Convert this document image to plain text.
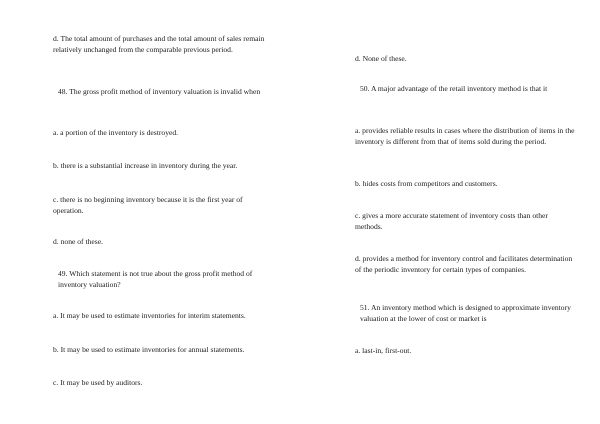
d. The total amount of purchases and the total amount of sales remain relatively unchanged from the comparable previous period.

48. The gross profit method of inventory valuation is invalid when

a. a portion of the inventory is destroyed.

b. there is a substantial increase in inventory during the year.

c. there is no beginning inventory because it is the first year of operation.

d. none of these.

49. Which statement is not true about the gross profit method of inventory valuation?

a. It may be used to estimate inventories for interim statements.

b. It may be used to estimate inventories for annual statements.

c. It may be used by auditors.

d. None of these.

50. A major advantage of the retail inventory method is that it

a. provides reliable results in cases where the distribution of items in the inventory is different from that of items sold during the period.

b. hides costs from competitors and customers.

c. gives a more accurate statement of inventory costs than other methods.

d. provides a method for inventory control and facilitates determination of the periodic inventory for certain types of companies.

51. An inventory method which is designed to approximate inventory valuation at the lower of cost or market is

a. last-in, first-out.
